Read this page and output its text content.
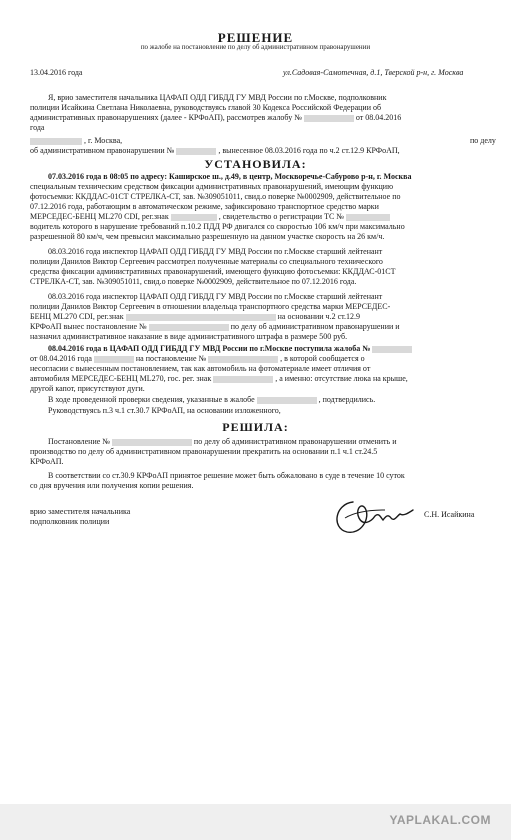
РЕШЕНИЕ
по жалобе на постановление по делу об административном правонарушении
13.04.2016 года	ул.Садовая-Самотечная, д.1, Тверской р-н, г. Москва
Я, врио заместителя начальника ЦАФАП ОДД ГИБДД ГУ МВД России по г.Москве, подполковник
полиции Исайкина Светлана Николаевна, руководствуясь главой 30 Кодекса Российской Федерации об
административных правонарушениях (далее - КРФоАП), рассмотрев жалобу №	от 08.04.2016
года
, г. Москва,	по делу
об административном правонарушении №	, вынесенное 08.03.2016 года по ч.2 ст.12.9 КРФоАП,
УСТАНОВИЛА:
07.03.2016 года в 08:05 по адресу: Каширское ш., д.49, в центр, Москворечье-Сабурово р-н, г. Москва
специальным техническим средством фиксации административных правонарушений, имеющим функцию
фотосъемки: ККДДАС-01СТ СТРЕЛКА-СТ, зав. №309051011, свид.о поверке №0002909, действительное по
07.12.2016 года, работающим в автоматическом режиме, зафиксировано транспортное средство марки
МЕРСЕДЕС-БЕНЦ ML270 CDI, рег.знак	, свидетельство о регистрации ТС №
водитель которого в нарушение требований п.10.2 ПДД РФ двигался со скоростью 106 км/ч при максимально
разрешенной 80 км/ч, чем превысил максимально разрешенную на данном участке скорость на 26 км/ч.
08.03.2016 года инспектор ЦАФАП ОДД ГИБДД ГУ МВД России по г.Москве старший лейтенант
полиции Данилов Виктор Сергеевич рассмотрел полученные материалы со специального технического
средства фиксации административных правонарушений, имеющего функцию фотосъемки: ККДДАС-01СТ
СТРЕЛКА-СТ, зав. №309051011, свид.о поверке №0002909, действительное по 07.12.2016 года.
08.03.2016 года инспектор ЦАФАП ОДД ГИБДД ГУ МВД России по г.Москве старший лейтенант
полиции Данилов Виктор Сергеевич в отношении владельца транспортного средства марки МЕРСЕДЕС-
БЕНЦ ML270 CDI, рег.знак	на основании ч.2 ст.12.9
КРФоАП вынес постановление №	по делу об административном правонарушении и
назначил административное наказание в виде административного штрафа в размере 500 руб.
08.04.2016 года в ЦАФАП ОДД ГИБДД ГУ МВД России по г.Москве поступила жалоба №
от 08.04.2016 года	на постановление №	, в которой сообщается о
несогласии с вынесенным постановлением, так как автомобиль на фотоматериале имеет отличия от
автомобиля МЕРСЕДЕС-БЕНЦ ML270, гос. рег. знак	, а именно: отсутствие люка на крыше,
другой капот, присутствуют дуги.
В ходе проведенной проверки сведения, указанные в жалобе	, подтвердились.
Руководствуясь п.3 ч.1 ст.30.7 КРФоАП, на основании изложенного,
РЕШИЛА:
Постановление №	по делу об административном правонарушении отменить и
производство по делу об административном правонарушении прекратить на основании п.1 ч.1 ст.24.5
КРФоАП.
В соответствии со ст.30.9 КРФоАП принятое решение может быть обжаловано в суде в течение 10 суток
со дня вручения или получения копии решения.
врио заместителя начальника
подполковник полиции
С.Н. Исайкина
YAPLAKAL.COM
